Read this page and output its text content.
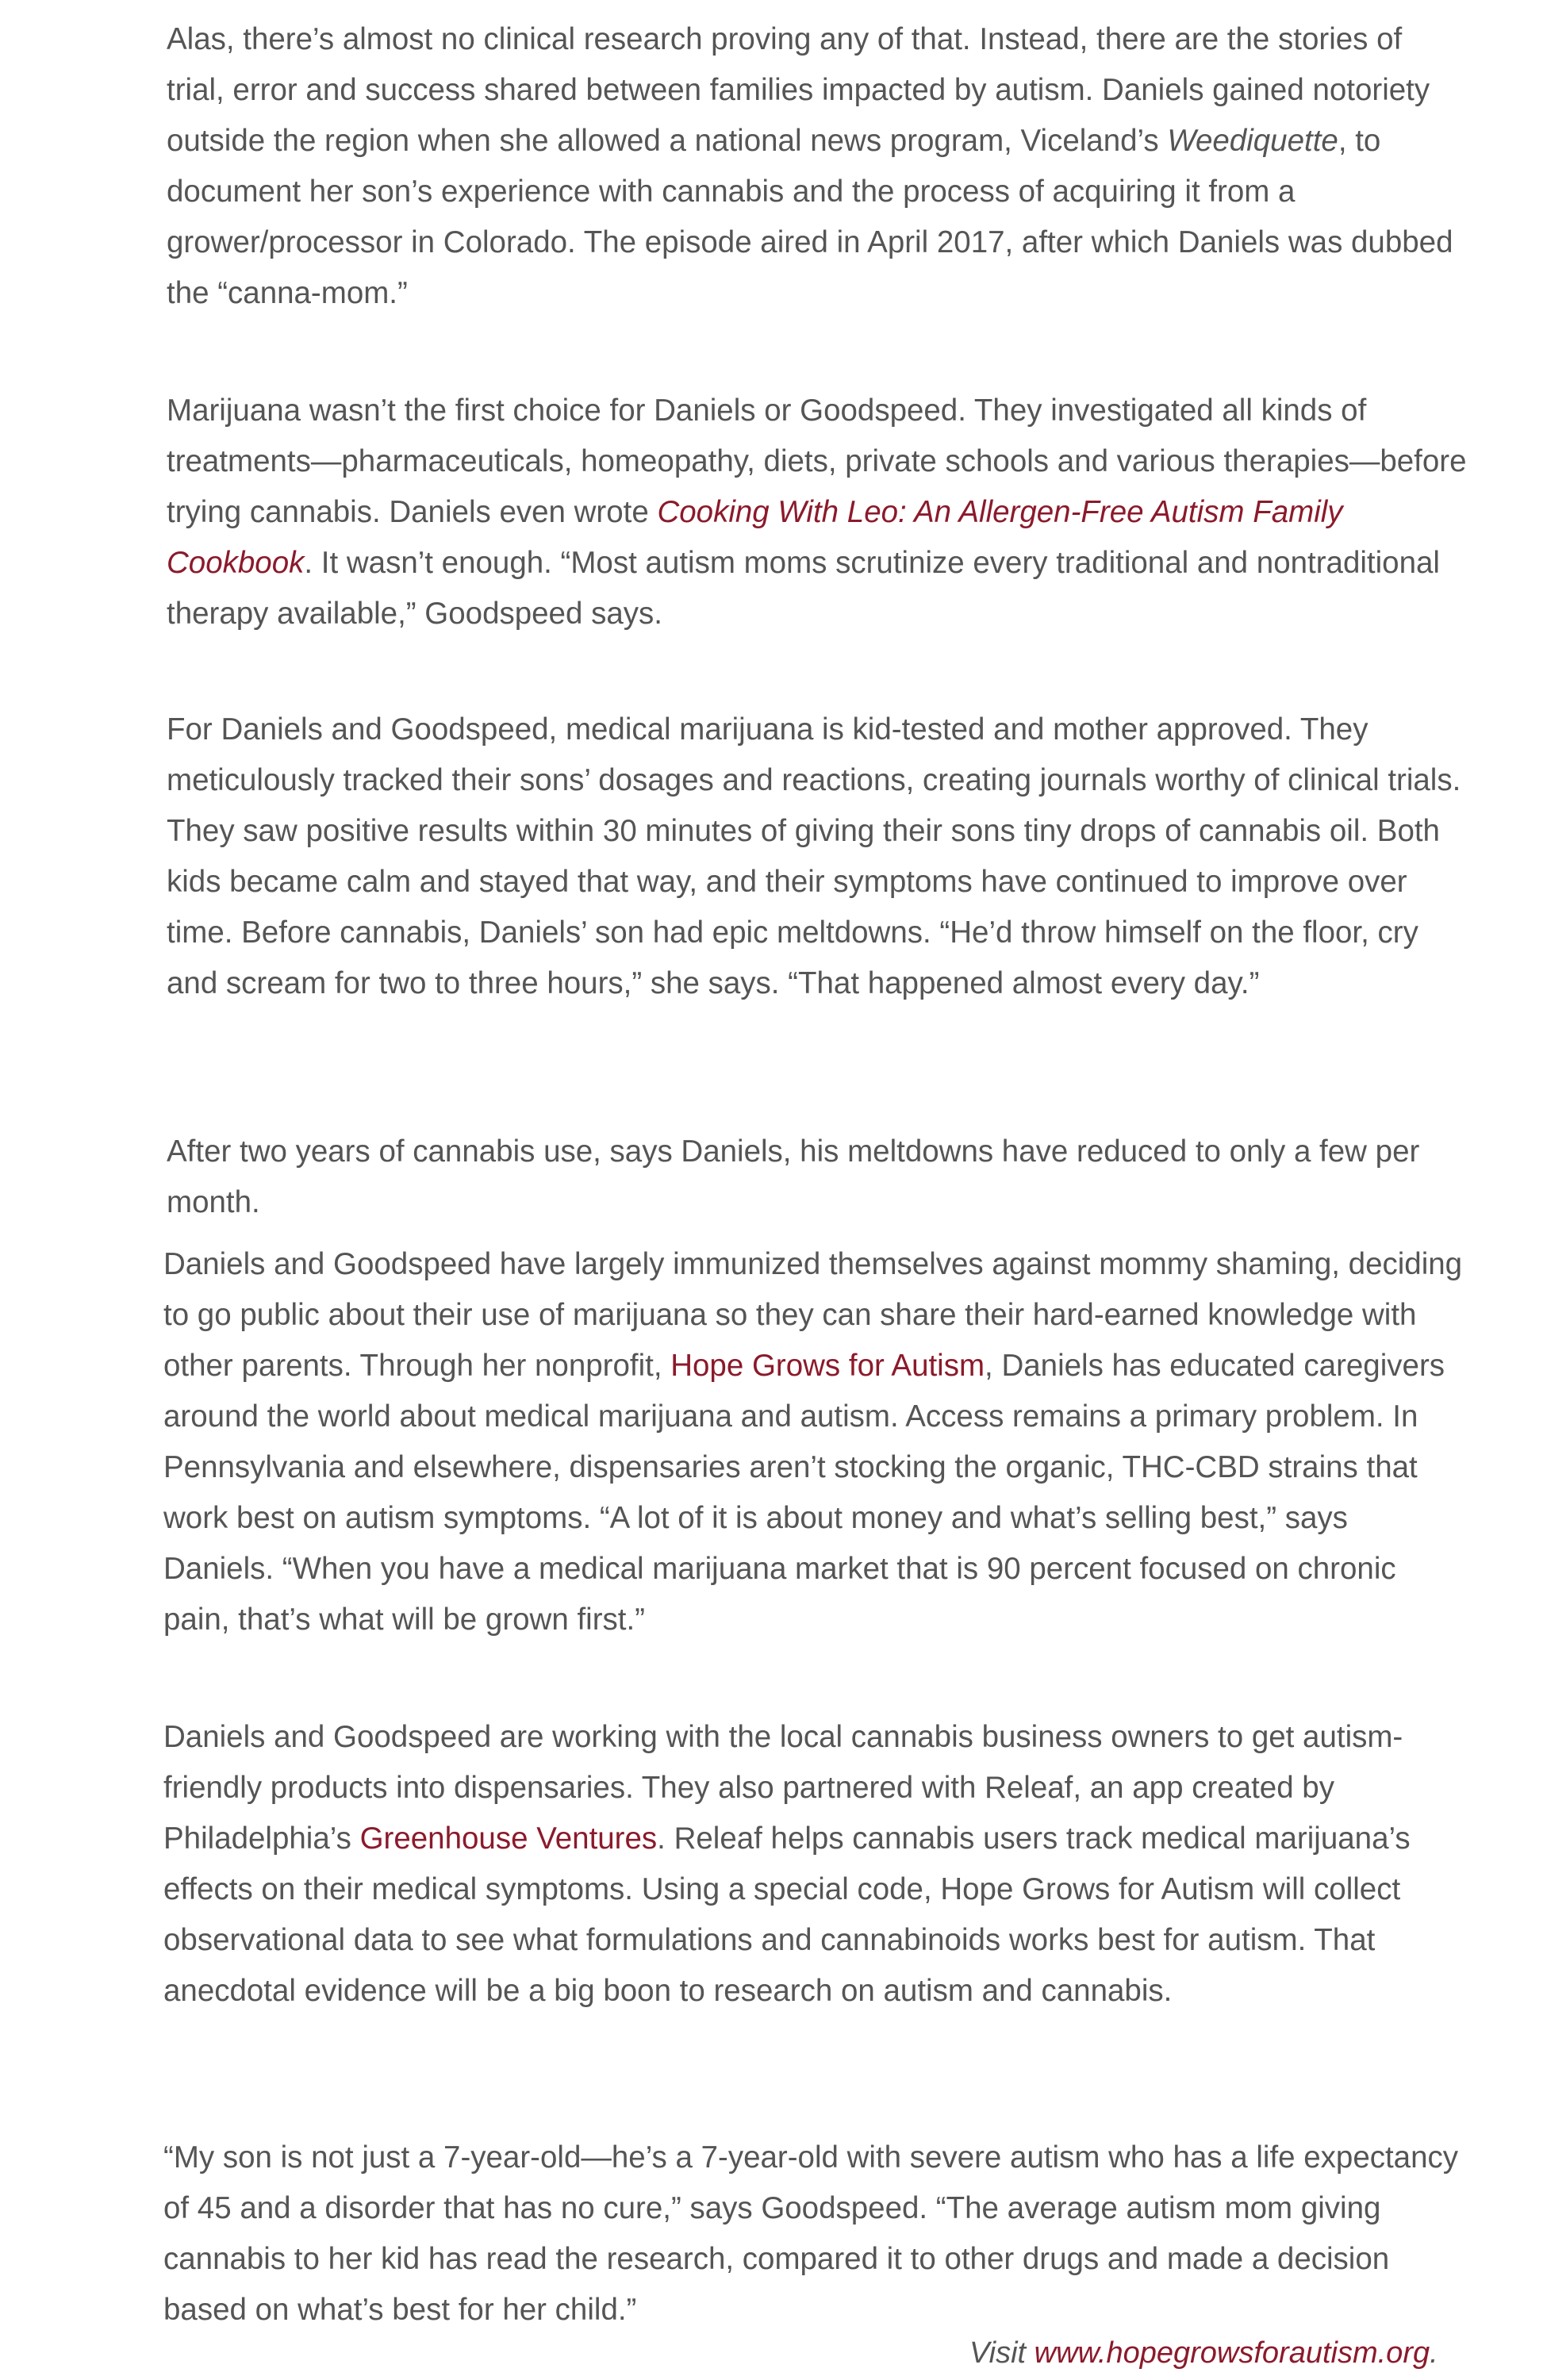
Alas, there’s almost no clinical research proving any of that. Instead, there are the stories of trial, error and success shared between families impacted by autism. Daniels gained notoriety outside the region when she allowed a national news program, Viceland’s Weediquette, to document her son’s experience with cannabis and the process of acquiring it from a grower/processor in Colorado. The episode aired in April 2017, after which Daniels was dubbed the “canna-mom.”

Marijuana wasn’t the first choice for Daniels or Goodspeed. They investigated all kinds of treatments—pharmaceuticals, homeopathy, diets, private schools and various therapies—before trying cannabis. Daniels even wrote Cooking With Leo: An Allergen-Free Autism Family Cookbook. It wasn’t enough. “Most autism moms scrutinize every traditional and nontraditional therapy available,” Goodspeed says.

For Daniels and Goodspeed, medical marijuana is kid-tested and mother approved. They meticulously tracked their sons’ dosages and reactions, creating journals worthy of clinical trials. They saw positive results within 30 minutes of giving their sons tiny drops of cannabis oil. Both kids became calm and stayed that way, and their symptoms have continued to improve over time. Before cannabis, Daniels’ son had epic meltdowns. “He’d throw himself on the floor, cry and scream for two to three hours,” she says. “That happened almost every day.”

After two years of cannabis use, says Daniels, his meltdowns have reduced to only a few per month.

Daniels and Goodspeed have largely immunized themselves against mommy shaming, deciding to go public about their use of marijuana so they can share their hard-earned knowledge with other parents. Through her nonprofit, Hope Grows for Autism, Daniels has educated caregivers around the world about medical marijuana and autism. Access remains a primary problem. In Pennsylvania and elsewhere, dispensaries aren’t stocking the organic, THC-CBD strains that work best on autism symptoms. “A lot of it is about money and what’s selling best,” says Daniels. “When you have a medical marijuana market that is 90 percent focused on chronic pain, that’s what will be grown first.”

Daniels and Goodspeed are working with the local cannabis business owners to get autism-friendly products into dispensaries. They also partnered with Releaf, an app created by Philadelphia’s Greenhouse Ventures. Releaf helps cannabis users track medical marijuana’s effects on their medical symptoms. Using a special code, Hope Grows for Autism will collect observational data to see what formulations and cannabinoids works best for autism. That anecdotal evidence will be a big boon to research on autism and cannabis.

“My son is not just a 7-year-old—he’s a 7-year-old with severe autism who has a life expectancy of 45 and a disorder that has no cure,” says Goodspeed. “The average autism mom giving cannabis to her kid has read the research, compared it to other drugs and made a decision based on what’s best for her child.”

Visit www.hopegrowsforautism.org.
